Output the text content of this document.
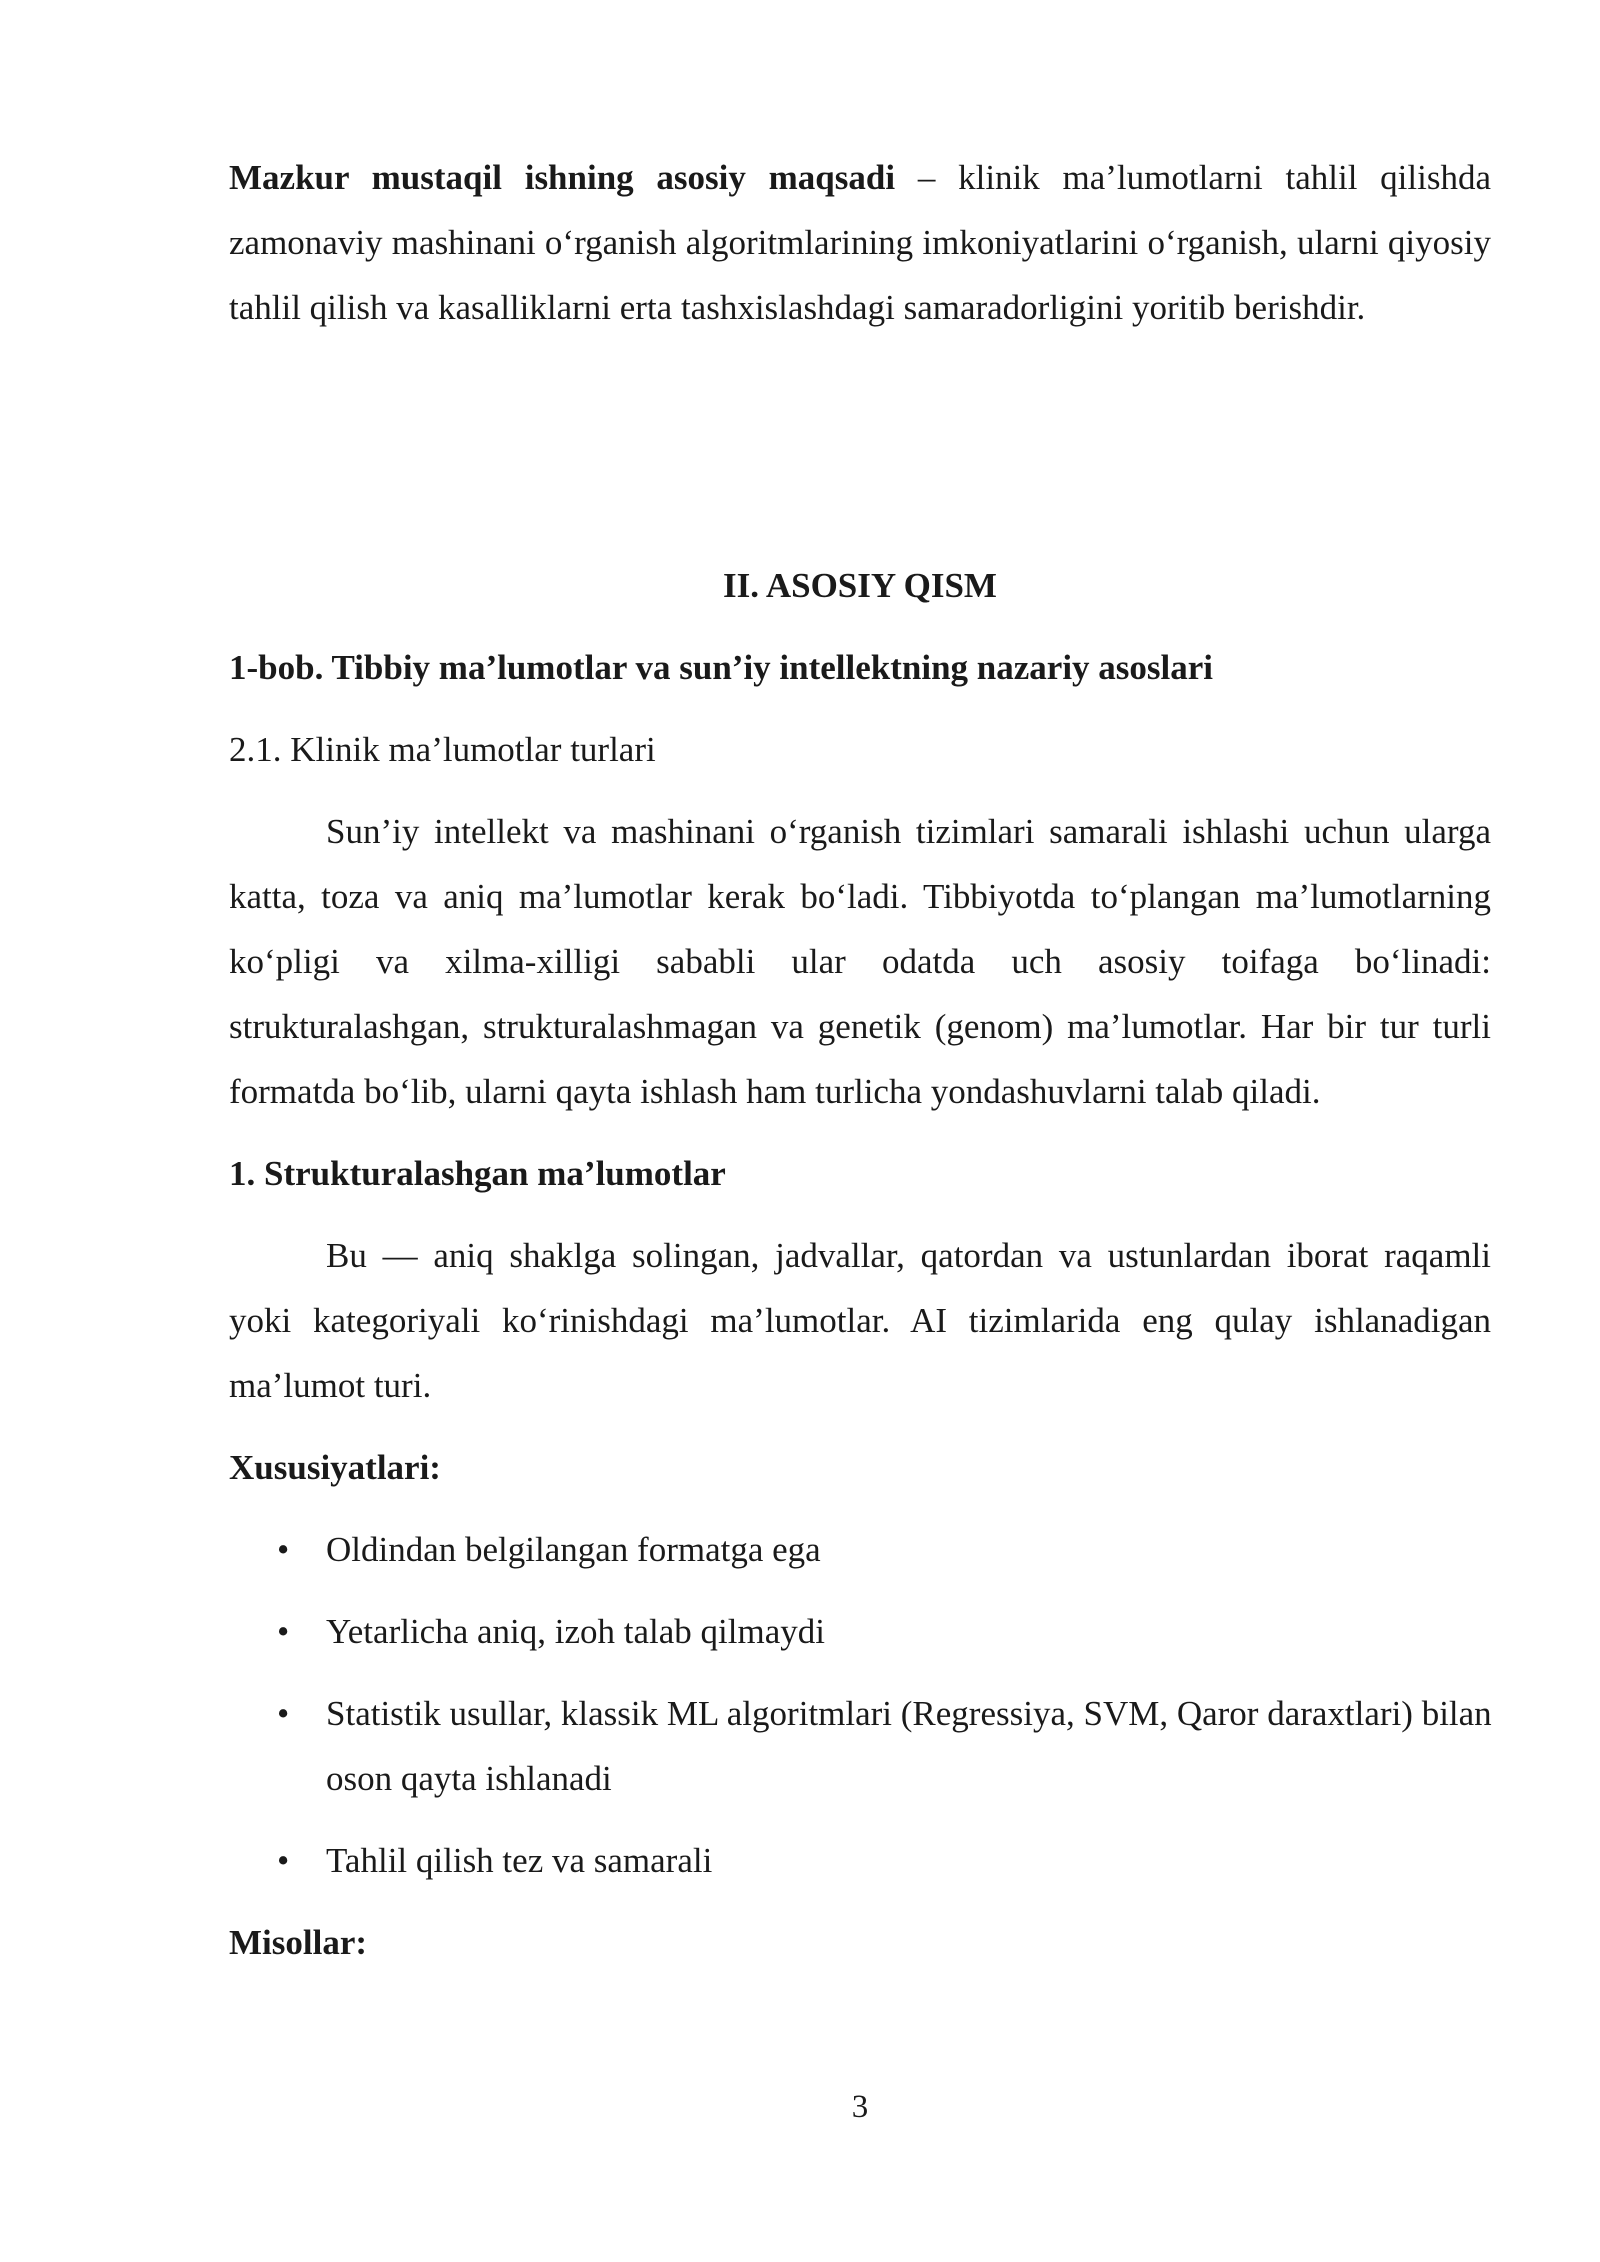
Mazkur mustaqil ishning asosiy maqsadi – klinik ma’lumotlarni tahlil qilishda zamonaviy mashinani o‘rganish algoritmlarining imkoniyatlarini o‘rganish, ularni qiyosiy tahlil qilish va kasalliklarni erta tashxislashdagi samaradorligini yoritib berishdir.

II. ASOSIY QISM

1-bob. Tibbiy ma’lumotlar va sun’iy intellektning nazariy asoslari

2.1. Klinik ma’lumotlar turlari

Sun’iy intellekt va mashinani o‘rganish tizimlari samarali ishlashi uchun ularga katta, toza va aniq ma’lumotlar kerak bo‘ladi. Tibbiyotda to‘plangan ma’lumotlarning ko‘pligi va xilma-xilligi sababli ular odatda uch asosiy toifaga bo‘linadi: strukturalashgan, strukturalashmagan va genetik (genom) ma’lumotlar. Har bir tur turli formatda bo‘lib, ularni qayta ishlash ham turlicha yondashuvlarni talab qiladi.

1. Strukturalashgan ma’lumotlar

Bu — aniq shaklga solingan, jadvallar, qatordan va ustunlardan iborat raqamli yoki kategoriyali ko‘rinishdagi ma’lumotlar. AI tizimlarida eng qulay ishlanadigan ma’lumot turi.

Xususiyatlari:

• Oldindan belgilangan formatga ega
• Yetarlicha aniq, izoh talab qilmaydi
• Statistik usullar, klassik ML algoritmlari (Regressiya, SVM, Qaror daraxtlari) bilan oson qayta ishlanadi
• Tahlil qilish tez va samarali

Misollar:

3
